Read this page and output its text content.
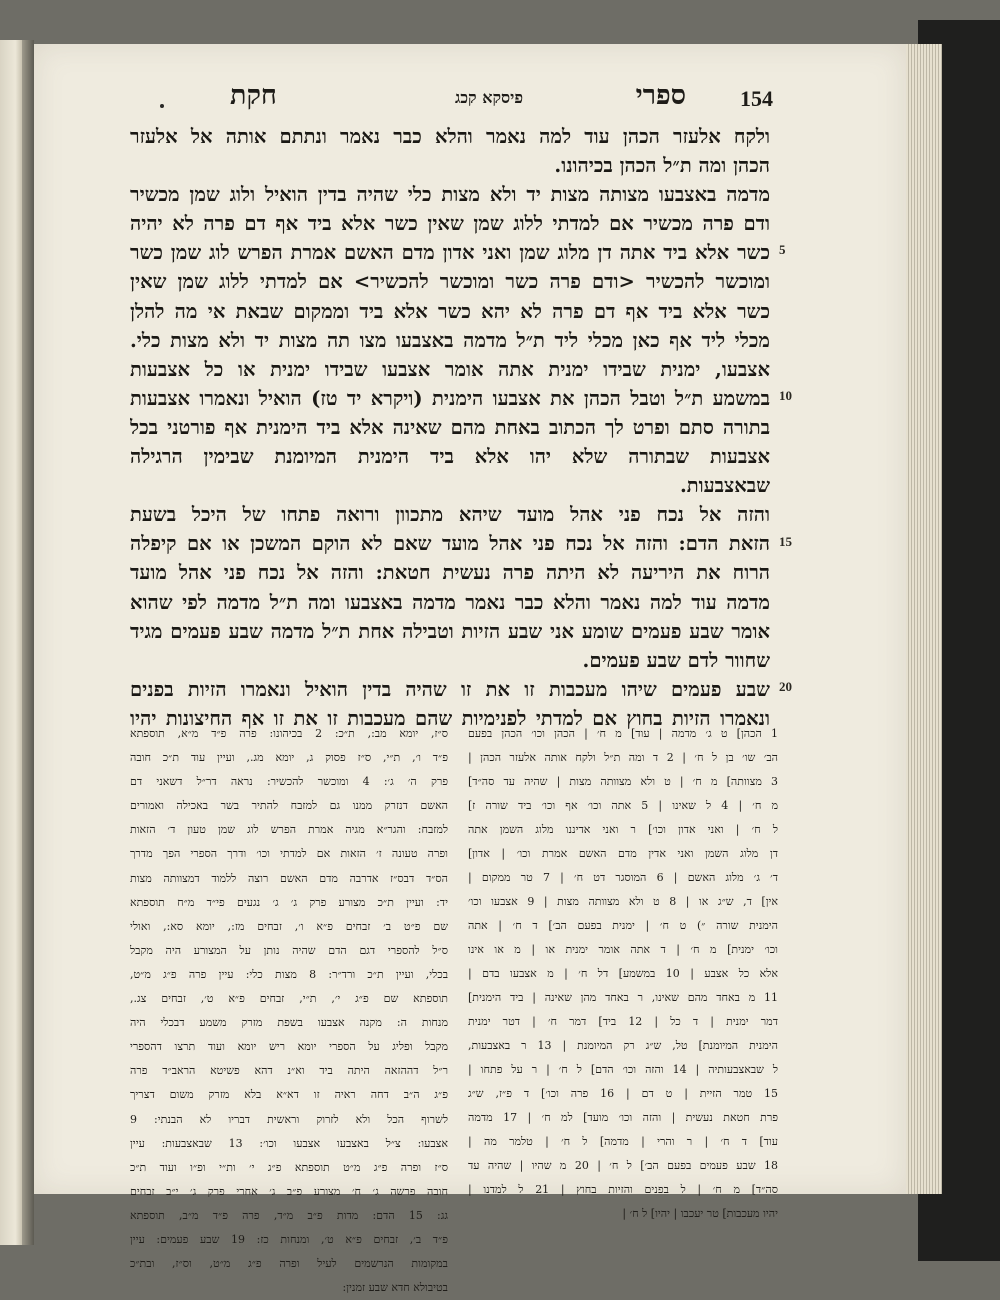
154
ספרי
פיסקא קכג
חקת
ולקח אלעזר הכהן עוד למה נאמר והלא כבר נאמר ונתתם אותה אל אלעזר
הכהן ומה ת״ל הכהן בכיהונו.
מדמה באצבעו מצותה מצות יד ולא מצות כלי שהיה בדין הואיל ולוג שמן מכשיר
ודם פרה מכשיר אם למדתי ללוג שמן שאין כשר אלא ביד אף דם פרה לא יהיה
כשר אלא ביד אתה דן מלוג שמן ואני אדון מדם האשם אמרת הפרש לוג שמן כשר
ומוכשר להכשיר <ודם פרה כשר ומוכשר להכשיר> אם למדתי ללוג שמן שאין
כשר אלא ביד אף דם פרה לא יהא כשר אלא ביד וממקום שבאת אי מה להלן
מכלי ליד אף כאן מכלי ליד ת״ל מדמה באצבעו מצו תה מצות יד ולא מצות כלי.
אצבעו, ימנית שבידו ימנית אתה אומר אצבעו שבידו ימנית או כל אצבעות
במשמע ת״ל וטבל הכהן את אצבעו הימנית (ויקרא יד טז) הואיל ונאמרו אצבעות
בתורה סתם ופרט לך הכתוב באחת מהם שאינה אלא ביד הימנית אף פורטני בכל
אצבעות שבתורה שלא יהו אלא ביד הימנית המיומנת שבימין הרגילה
שבאצבעות.
והזה אל נכח פני אהל מועד שיהא מתכוון ורואה פתחו של היכל בשעת
הזאת הדם: והזה אל נכח פני אהל מועד שאם לא הוקם המשכן או אם קיפלה
הרוח את היריעה לא היתה פרה נעשית חטאת: והזה אל נכח פני אהל מועד
מדמה עוד למה נאמר והלא כבר נאמר מדמה באצבעו ומה ת״ל מדמה לפי שהוא
אומר שבע פעמים שומע אני שבע הזיות וטבילה אחת ת״ל מדמה שבע פעמים מגיד
שחוור לדם שבע פעמים.
שבע פעמים שיהו מעכבות זו את זו שהיה בדין הואיל ונאמרו הזיות בפנים
ונאמרו הזיות בחוץ אם למדתי לפנימיות שהם מעכבות זו את זו אף החיצונות יהיו
5
10
15
20
1 הכהן] ט ג׳ מדמה | עוד] מ ח׳ | הכהן וכו׳ הכהן בפעם
הב׳ שו׳ בן ל ח׳ | 2 ד ומה ת״ל ולקח אותה אלעזר הכהן |
3 מצוותה] מ ח׳ | ט ולא מצוותה מצות | שהיה עד סה״ד]
מ ח׳ | 4 ל שאינו | 5 אתה וכו׳ אף וכו׳ ביד שורה ז]
ל ח׳ | ואני אדון וכו׳] ר ואני אדיננו מלוג השמן אתה
דן מלוג השמן ואני אדין מדם האשם אמרת וכו׳ | אדון]
ד׳ ג׳ מלוג האשם | 6 המוסגר דט ח׳ | 7 טר ממקום |
אין] ד, ש״ג או | 8 ט ולא מצוותה מצות | 9 אצבעו וכו׳
הימנית שורה ״) ט ח׳ | ימנית בפעם הב׳] ד ח׳ | אתה
וכו׳ ימנית] מ ח׳ | ד אתה אומר ימנית או | מ או אינו
אלא כל אצבע | 10 במשמע] דל ח׳ | מ אצבעו בדם |
11 מ באחד מהם שאינו, ר באחד מהן שאינה | ביד הימנית]
דמר ימנית | ד כל | 12 ביד] דמר ח׳ | דטר ימנית
הימנית המיומנת] טל, ש״ג רק המיומנת | 13 ר באצבעות,
ל שבאצבעותיה | 14 והזה וכו׳ הדם] ל ח׳ | ר על פתחו |
15 טמר הזיית | ט דם | 16 פרה וכו׳] ד פ״ז, ש״ג
פרת חטאת נעשית | והזה וכו׳ מועד] למ ח׳ | 17 מדמה
עוד] ד ח׳ | ר והרי | מדמה] ל ח׳ | טלמר מה |
18 שבע פעמים בפעם הב׳] ל ח׳ | 20 מ שהיו | שהיה עד
סה״ד] מ ח׳ | ל בפנים והזיות בחוץ | 21 ל למדנו |
יהיו מעכבות] טר יעכבו | יהיו] ל ח׳ |
ס״ז, יומא מב:, ת״כ: 2 בכיהונו: פרה פ״ד מ״א, תוספתא
פ״ד ו׳, ת״י, ס״ז פסוק ג, יומא מג., ועיין עוד ת״כ חובה
פרק ה׳ ג׳: 4 ומוכשר להכשיר: נראה דר״ל דשאני דם
האשם דנזרק ממנו גם למזבח להתיר בשר באכילה ואמורים
למזבח: והגר״א מגיה אמרת הפרש לוג שמן טעון ד׳ הזאות
ופרה טעונה ז׳ הזאות אם למדתי וכו׳ ודרך הספרי הפך מדרך
הס״ד דבס״ז אדרבה מדם האשם רוצה ללמוד דמצוותה מצות
יד: ועיין ת״כ מצורע פרק ג׳ ג׳ נגעים פי״ד מ״ח תוספתא
שם פ״ט ב׳ זבחים פ״א ו׳, זבחים מז:, יומא סא:, ואולי
ס״ל להספרי דגם הדם שהיה נותן על המצורע היה מקבל
בכלי, ועיין ת״כ ורד״ר: 8 מצות כלי: עיין פרה פ״ג מ״ט,
תוספתא שם פ״ג י׳, ת״י, זבחים פ״א ט׳, זבחים צג.,
מנחות ה: מקנה אצבעו בשפת מזרק משמע דבכלי היה
מקבל ופליג על הספרי יומא ריש יומא ועוד תרצו דהספרי
ר״ל דההזאה היתה ביד וא״נ דהא פשיטא הראב״ד פרה
פ״ג ה״ב דחה ראיה זו דא״א בלא מזרק משום דצריך
לשרוף הכל ולא לזרוק וראשית דבריו לא הבנתי: 9
אצבעו: צ״ל באצבעו אצבעו וכו׳: 13 שבאצבעות: עיין
ס״ז ופרה פ״ג מ״ט תוספתא פ״ג י׳ ות״י ופ״ו ועוד ת״כ
חובה פרשה ג׳ ח׳ מצורע פ״ב ג׳ אחרי פרק ג׳ י״ב זבחים
גג: 15 הדם: מדות פ״ב מ״ד, פרה פ״ד מ״ב, תוספתא
פ״ד ב׳, זבחים פ״א ט׳, ומנחות כז: 19 שבע פעמים: עיין
במקומות הנרשמים לעיל ופרה פ״ג מ״ט, וס״ז, ובת״כ
בטיבולא חדא שבע זמנין:
